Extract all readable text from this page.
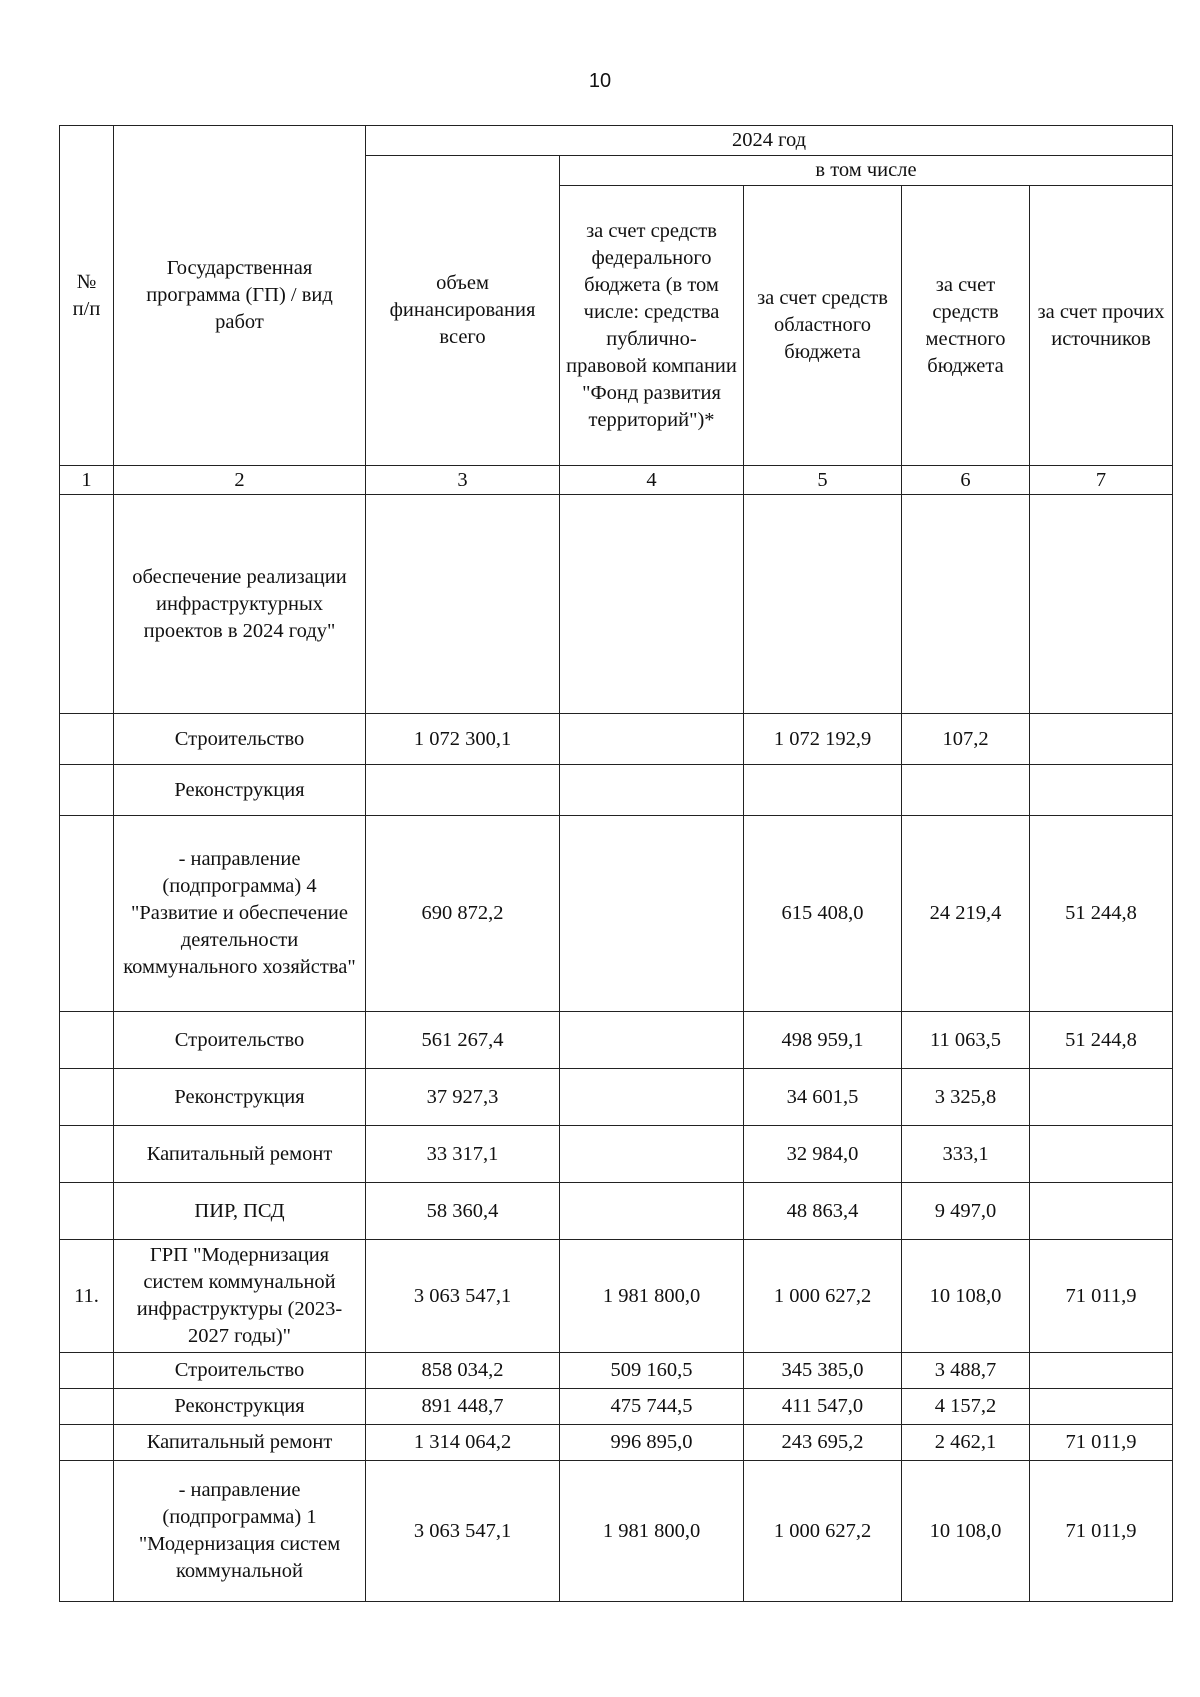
10
№ п/п	Государственная программа (ГП) / вид работ	2024 год				
		объем финансирования всего	в том числе			
			за счет средств федерального бюджета (в том числе: средства публично-правовой компании "Фонд развития территорий")*	за счет средств областного бюджета	за счет средств местного бюджета	за счет прочих источников
1	2	3	4	5	6	7
	обеспечение реализации инфраструктурных проектов в 2024 году"					
	Строительство	1 072 300,1		1 072 192,9	107,2	
	Реконструкция					
	- направление (подпрограмма) 4 "Развитие и обеспечение деятельности коммунального хозяйства"	690 872,2		615 408,0	24 219,4	51 244,8
	Строительство	561 267,4		498 959,1	11 063,5	51 244,8
	Реконструкция	37 927,3		34 601,5	3 325,8	
	Капитальный ремонт	33 317,1		32 984,0	333,1	
	ПИР, ПСД	58 360,4		48 863,4	9 497,0	
11.	ГРП "Модернизация систем коммунальной инфраструктуры (2023-2027 годы)"	3 063 547,1	1 981 800,0	1 000 627,2	10 108,0	71 011,9
	Строительство	858 034,2	509 160,5	345 385,0	3 488,7	
	Реконструкция	891 448,7	475 744,5	411 547,0	4 157,2	
	Капитальный ремонт	1 314 064,2	996 895,0	243 695,2	2 462,1	71 011,9
	- направление (подпрограмма) 1 "Модернизация систем коммунальной	3 063 547,1	1 981 800,0	1 000 627,2	10 108,0	71 011,9
